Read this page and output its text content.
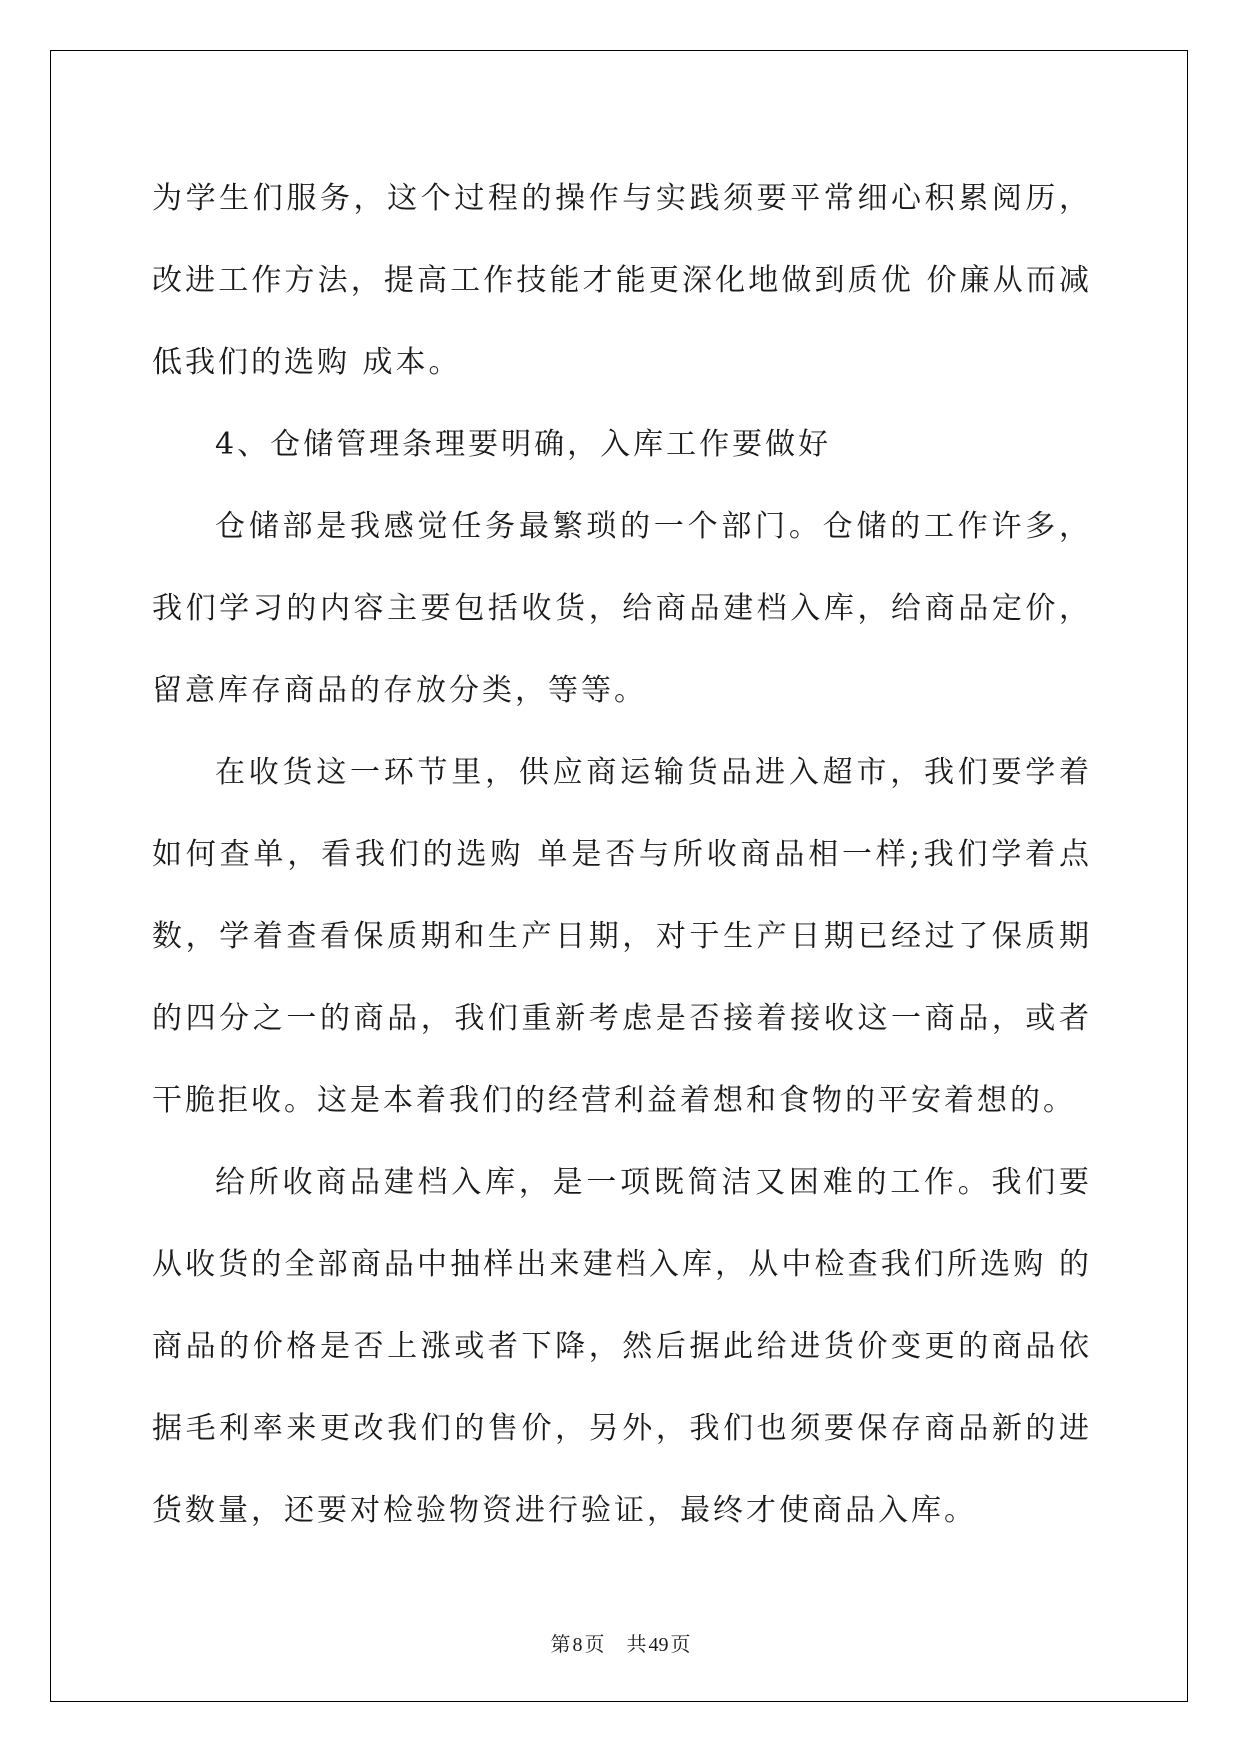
为学生们服务，这个过程的操作与实践须要平常细心积累阅历，改进工作方法，提高工作技能才能更深化地做到质优 价廉从而减低我们的选购 成本。

4、仓储管理条理要明确，入库工作要做好

仓储部是我感觉任务最繁琐的一个部门。仓储的工作许多，我们学习的内容主要包括收货，给商品建档入库，给商品定价，留意库存商品的存放分类，等等。

在收货这一环节里，供应商运输货品进入超市，我们要学着如何查单，看我们的选购 单是否与所收商品相一样;我们学着点数，学着查看保质期和生产日期，对于生产日期已经过了保质期的四分之一的商品，我们重新考虑是否接着接收这一商品，或者干脆拒收。这是本着我们的经营利益着想和食物的平安着想的。

给所收商品建档入库，是一项既简洁又困难的工作。我们要从收货的全部商品中抽样出来建档入库，从中检查我们所选购 的商品的价格是否上涨或者下降，然后据此给进货价变更的商品依据毛利率来更改我们的售价，另外，我们也须要保存商品新的进货数量，还要对检验物资进行验证，最终才使商品入库。

第 8 页 共 49 页
